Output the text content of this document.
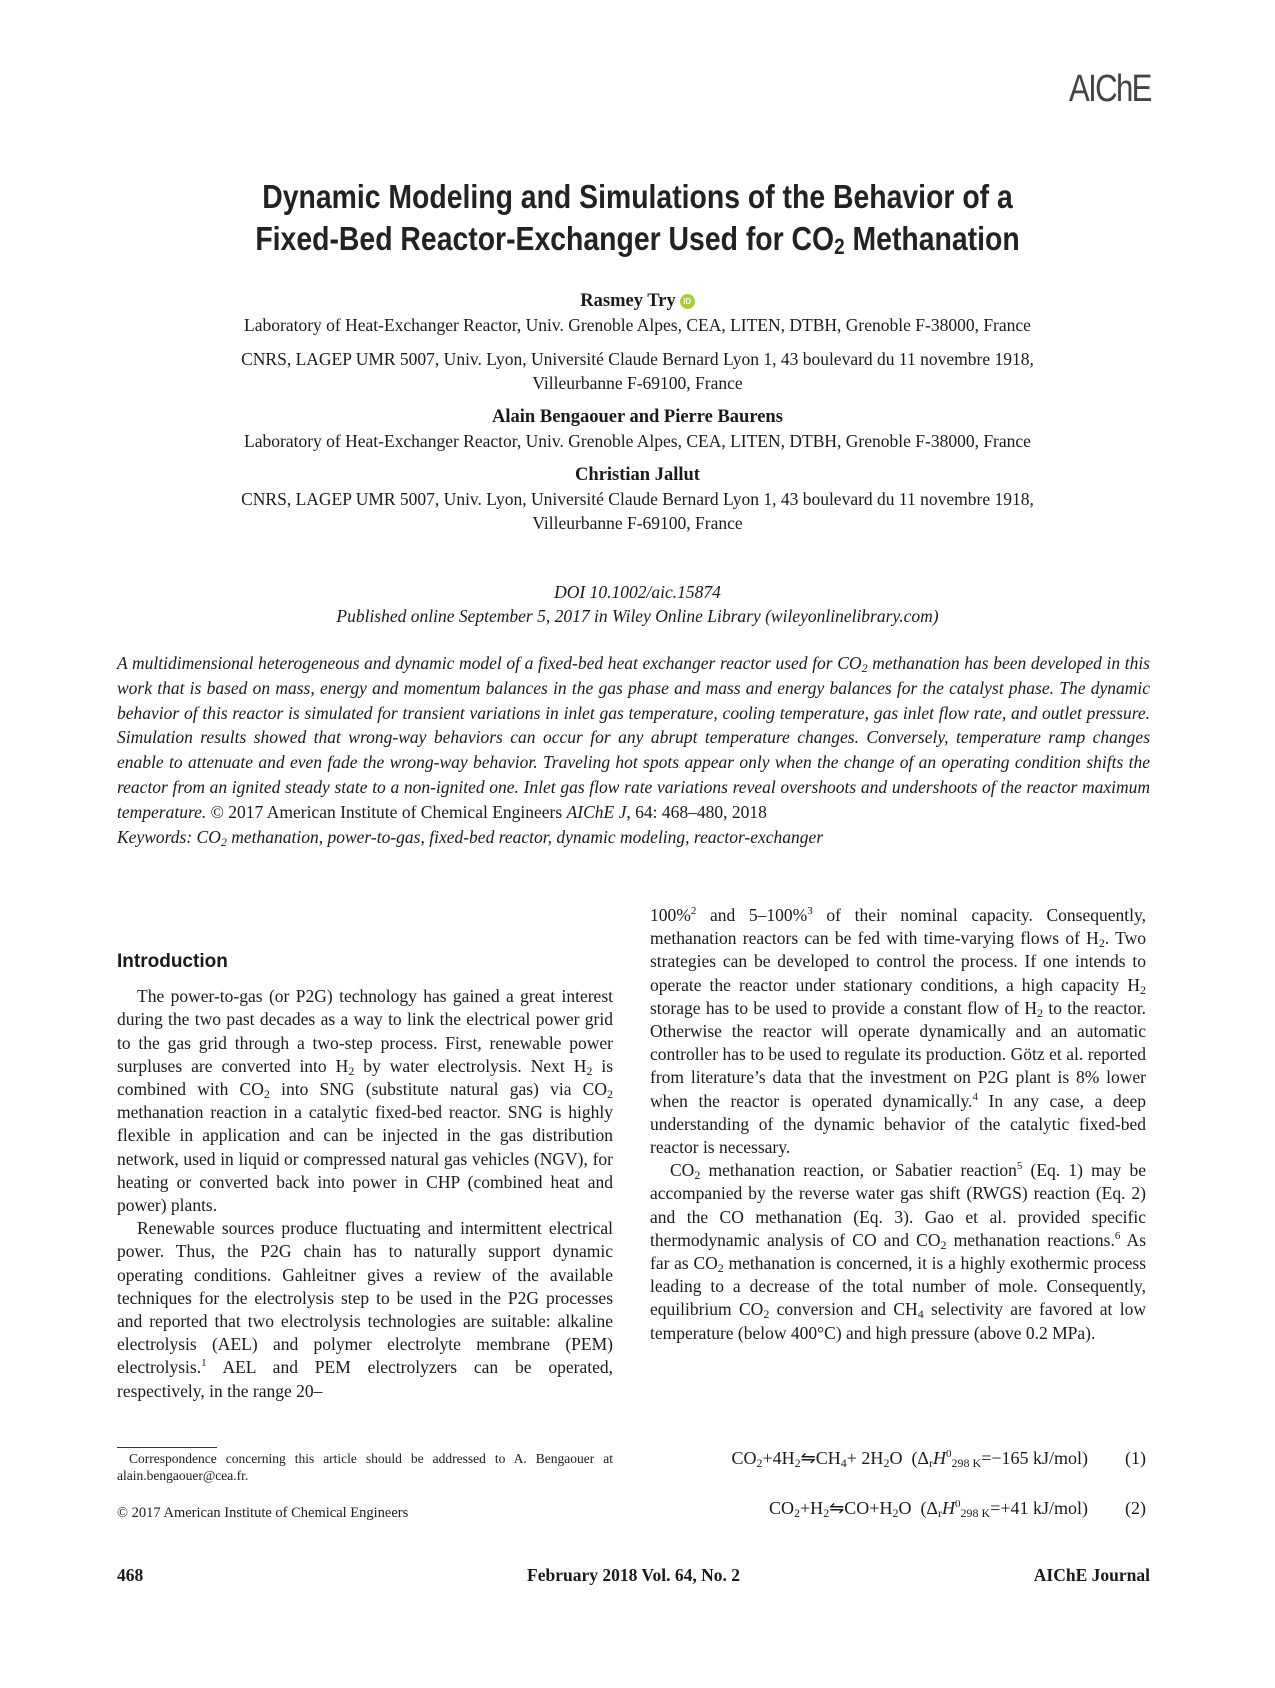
AIChE
Dynamic Modeling and Simulations of the Behavior of a
Fixed-Bed Reactor-Exchanger Used for $CO_2$ Methanation
Rasmey Try iD
Laboratory of Heat-Exchanger Reactor, Univ. Grenoble Alpes, CEA, LITEN, DTBH, Grenoble F-38000, France
CNRS, LAGEP UMR 5007, Univ. Lyon, Université Claude Bernard Lyon 1, 43 boulevard du 11 novembre 1918,
Villeurbanne F-69100, France
Alain Bengaouer and Pierre Baurens
Laboratory of Heat-Exchanger Reactor, Univ. Grenoble Alpes, CEA, LITEN, DTBH, Grenoble F-38000, France
Christian Jallut
CNRS, LAGEP UMR 5007, Univ. Lyon, Université Claude Bernard Lyon 1, 43 boulevard du 11 novembre 1918,
Villeurbanne F-69100, France
DOI 10.1002/aic.15874
Published online September 5, 2017 in Wiley Online Library (wileyonlinelibrary.com)
A multidimensional heterogeneous and dynamic model of a fixed-bed heat exchanger reactor used for $CO_2$ methanation has been developed in this work that is based on mass, energy and momentum balances in the gas phase and mass and energy balances for the catalyst phase. The dynamic behavior of this reactor is simulated for transient variations in inlet gas temperature, cooling temperature, gas inlet flow rate, and outlet pressure. Simulation results showed that wrong-way behaviors can occur for any abrupt temperature changes. Conversely, temperature ramp changes enable to attenuate and even fade the wrong-way behavior. Traveling hot spots appear only when the change of an operating condition shifts the reactor from an ignited steady state to a non-ignited one. Inlet gas flow rate variations reveal overshoots and undershoots of the reactor maximum temperature. © 2017 American Institute of Chemical Engineers AIChE J, 64: 468–480, 2018
Keywords: $CO_2$ methanation, power-to-gas, fixed-bed reactor, dynamic modeling, reactor-exchanger
Introduction

The power-to-gas (or P2G) technology has gained a great interest during the two past decades as a way to link the electrical power grid to the gas grid through a two-step process. First, renewable power surpluses are converted into $H_2$ by water electrolysis. Next $H_2$ is combined with $CO_2$ into SNG (substitute natural gas) via $CO_2$ methanation reaction in a catalytic fixed-bed reactor. SNG is highly flexible in application and can be injected in the gas distribution network, used in liquid or compressed natural gas vehicles (NGV), for heating or converted back into power in CHP (combined heat and power) plants.

Renewable sources produce fluctuating and intermittent electrical power. Thus, the P2G chain has to naturally support dynamic operating conditions. Gahleitner gives a review of the available techniques for the electrolysis step to be used in the P2G processes and reported that two electrolysis technologies are suitable: alkaline electrolysis (AEL) and polymer electrolyte membrane (PEM) electrolysis.$^1$ AEL and PEM electrolyzers can be operated, respectively, in the range 20–

Correspondence concerning this article should be addressed to A. Bengaouer at alain.bengaouer@cea.fr.
© 2017 American Institute of Chemical Engineers

100%$^2$ and 5–100%$^3$ of their nominal capacity. Consequently, methanation reactors can be fed with time-varying flows of $H_2$. Two strategies can be developed to control the process. If one intends to operate the reactor under stationary conditions, a high capacity $H_2$ storage has to be used to provide a constant flow of $H_2$ to the reactor. Otherwise the reactor will operate dynamically and an automatic controller has to be used to regulate its production. Götz et al. reported from literature’s data that the investment on P2G plant is 8% lower when the reactor is operated dynamically.$^4$ In any case, a deep understanding of the dynamic behavior of the catalytic fixed-bed reactor is necessary.

$CO_2$ methanation reaction, or Sabatier reaction$^5$ (Eq. 1) may be accompanied by the reverse water gas shift (RWGS) reaction (Eq. 2) and the CO methanation (Eq. 3). Gao et al. provided specific thermodynamic analysis of CO and $CO_2$ methanation reactions.$^6$ As far as $CO_2$ methanation is concerned, it is a highly exothermic process leading to a decrease of the total number of mole. Consequently, equilibrium $CO_2$ conversion and $CH_4$ selectivity are favored at low temperature (below 400°C) and high pressure (above 0.2 MPa).

$CO_2+4H_2⇋CH_4+ 2H_2O$ ($\Delta_rH^0_{298 K}=-165$ kJ/mol) (1)
$CO_2+H_2⇋CO+H_2O$ ($\Delta_rH^0_{298 K}=+41$ kJ/mol) (2)
468	February 2018 Vol. 64, No. 2	AIChE Journal
